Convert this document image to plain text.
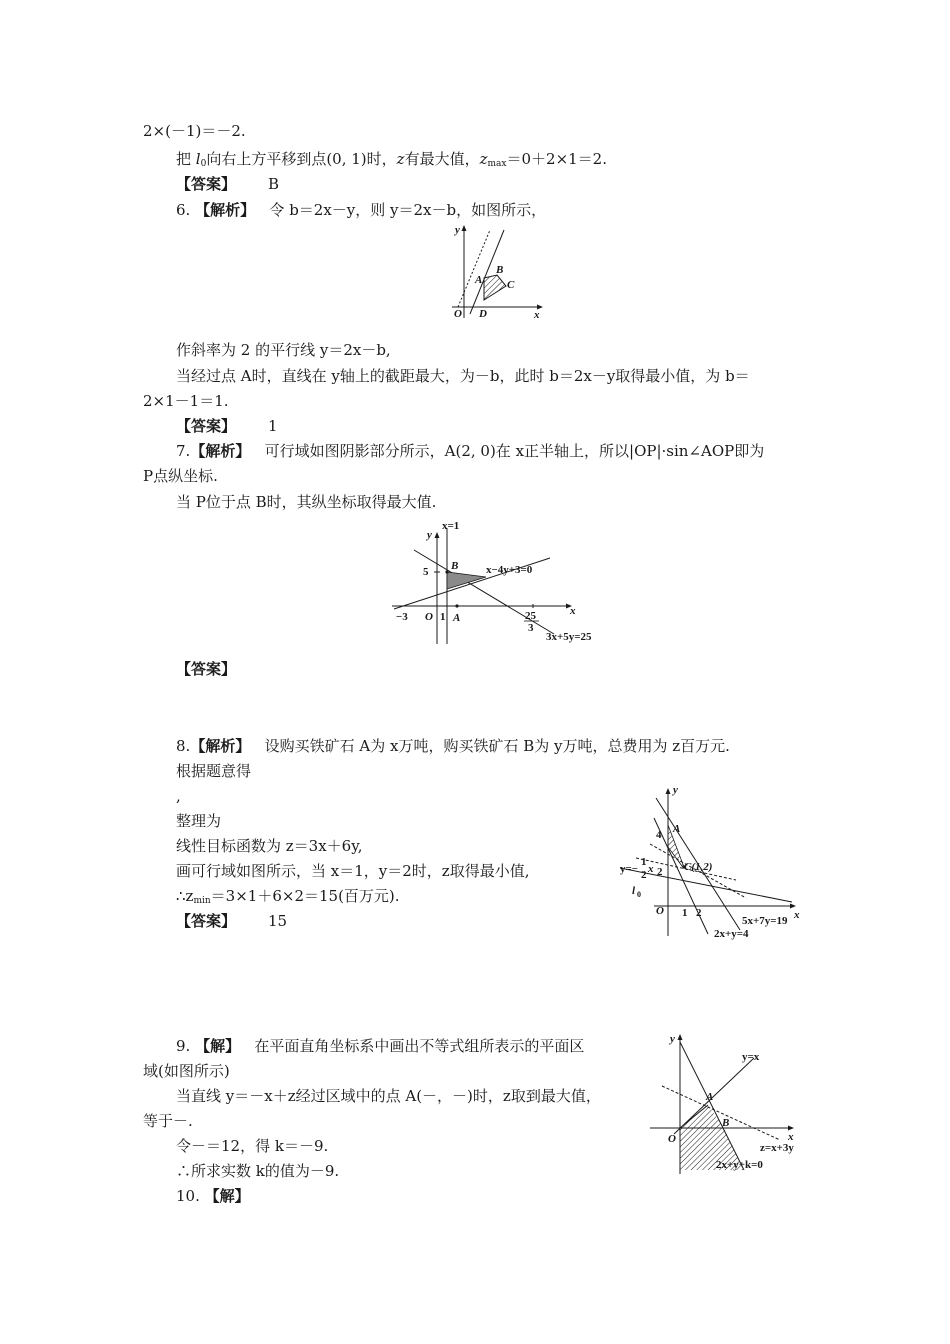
2×(－1)＝－2.
把 $l_0$向右上方平移到点(0, 1)时，z有最大值，$z_{max}=0+2\times 1=2$.
【答案】 B
6. 【解析】 令 b＝2x－y，则 y＝2x－b，如图所示，
y
x
O
A
B
C
D
作斜率为 2 的平行线 y＝2x－b,
当经过点 A时，直线在 y轴上的截距最大，为－b，此时 b＝2x－y取得最小值，为 b＝
2×1－1＝1.
【答案】 1
7.【解析】 可行域如图阴影部分所示，A(2, 0)在 x正半轴上，所以|OP|·sin∠AOP即为
P点纵坐标.
当 P位于点 B时，其纵坐标取得最大值.
x=1
y
x
B
5	x−4y+3=0
−3 O 1 A	25
3
3x+5y=25
【答案】
8.【解析】 设购买铁矿石 A为 x万吨，购买铁矿石 B为 y万吨，总费用为 z百万元.
根据题意得
,
整理为
线性目标函数为 z＝3x＋6y,
画可行域如图所示，当 x＝1，y＝2时，z取得最小值,
$\therefore z_{min}=3\times 1+6\times 2=15$(百万元).
【答案】 15
y
x
4 A
C(1,2)
y=−
1
2 x 2
l 0
O 1 2
5x+7y=19
2x+y=4
9. 【解】 在平面直角坐标系中画出不等式组所表示的平面区
域(如图所示)
当直线 y＝－x＋z经过区域中的点 A(－，－)时，z取到最大值，
等于－.
令－＝12，得 k＝－9.
∴所求实数 k的值为－9.
10. 【解】
y
x
y=x
A
B
O
z=x+3y
2x+y+k=0
